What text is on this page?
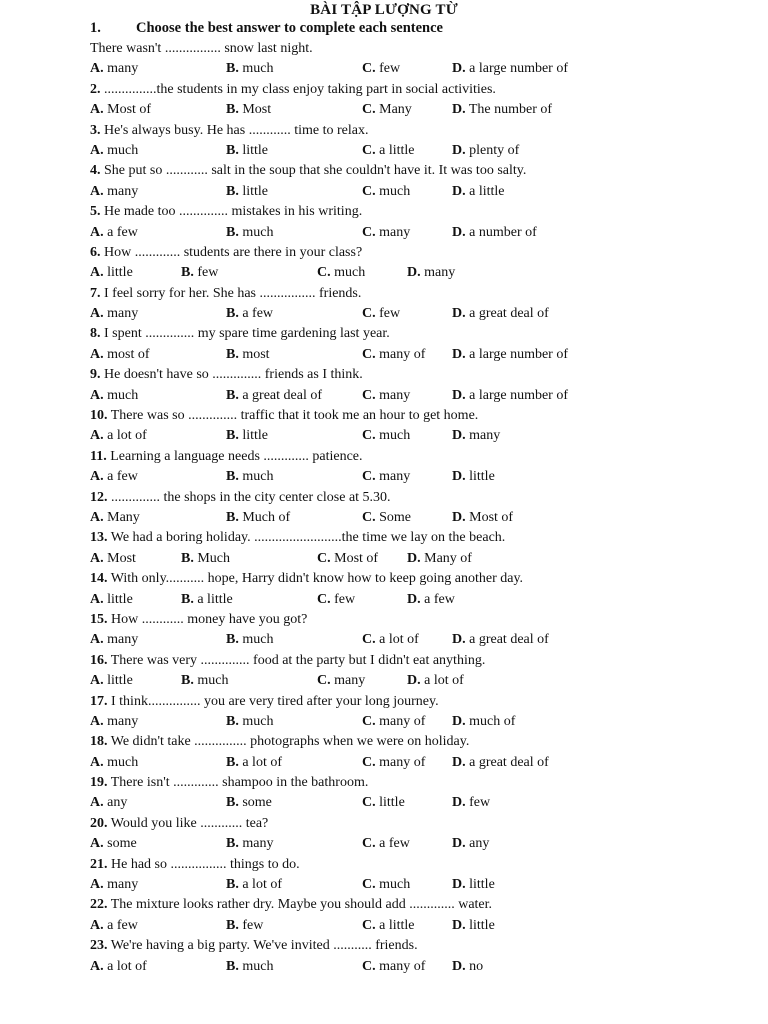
BÀI TẬP LƯỢNG TỪ
1. Choose the best answer to complete each sentence
There wasn't ................ snow last night.
A. many	B. much	C. few	D. a large number of
2. ...............the students in my class enjoy taking part in social activities.
A. Most of	B. Most	C. Many	D. The number of
3. He's always busy. He has ............ time to relax.
A. much	B. little	C. a little	D. plenty of
4. She put so ............ salt in the soup that she couldn't have it. It was too salty.
A. many	B. little	C. much	D. a little
5. He made too .............. mistakes in his writing.
A. a few	B. much	C. many	D. a number of
6. How ............. students are there in your class?
A. little	B. few	C. much	D. many
7. I feel sorry for her. She has ................ friends.
A. many	B. a few	C. few	D. a great deal of
8. I spent .............. my spare time gardening last year.
A. most of	B. most	C. many of D. a large number of
9. He doesn't have so .............. friends as I think.
A. much	B. a great deal of	C. many	D. a large number of
10. There was so .............. traffic that it took me an hour to get home.
A. a lot of	B. little	C. much	D. many
11. Learning a language needs ............. patience.
A. a few	B. much	C. many	D. little
12. .............. the shops in the city center close at 5.30.
A. Many	B. Much of	C. Some	D. Most of
13. We had a boring holiday. .........................the time we lay on the beach.
A. Most	B. Much	C. Most of D. Many of
14. With only........... hope, Harry didn't know how to keep going another day.
A. little	B. a little	C. few	D. a few
15. How ............ money have you got?
A. many	B. much	C. a lot of D. a great deal of
16. There was very .............. food at the party but I didn't eat anything.
A. little	B. much	C. many	D. a lot of
17. I think............... you are very tired after your long journey.
A. many	B. much	C. many of D. much of
18. We didn't take ............... photographs when we were on holiday.
A. much	B. a lot of	C. many of D. a great deal of
19. There isn't ............. shampoo in the bathroom.
A. any	B. some	C. little	D. few
20. Would you like ............ tea?
A. some	B. many	C. a few	D. any
21. He had so ................ things to do.
A. many	B. a lot of	C. much	D. little
22. The mixture looks rather dry. Maybe you should add ............. water.
A. a few	B. few	C. a little	D. little
23. We're having a big party. We've invited ........... friends.
A. a lot of	B. much	C. many of D. no
